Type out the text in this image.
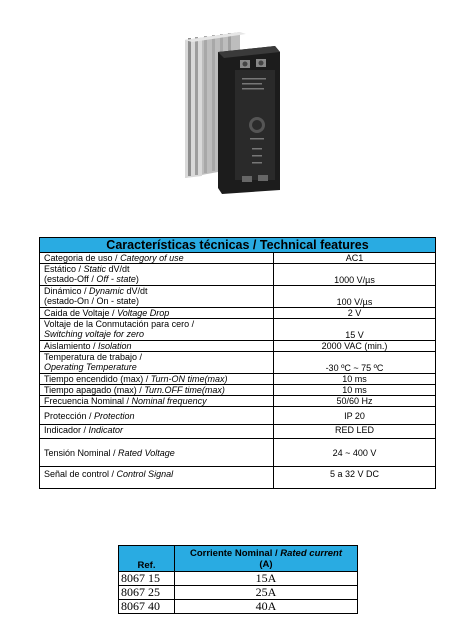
Características técnicas / Technical features	
Categoria de uso / Category of use	AC1
Estático / Static dV/dt
(estado-Off / Off - state)	1000 V/µs
Dinámico / Dynamic dV/dt
(estado-On / On - state)	100 V/µs
Caida de Voltaje / Voltage Drop	2 V
Voltaje de la Conmutación para cero /
Switching voltaje for zero	15 V
Aislamiento / Isolation	2000 VAC (min.)
Temperatura de trabajo /
Operating Temperature	-30 ºC ~ 75 ºC
Tiempo encendido (max) / Turn-ON time(max)	10 ms
Tiempo apagado (max) / Turn.OFF time(max)	10 ms
Frecuencia Nominal / Nominal frequency	50/60 Hz
Protección / Protection	IP 20
Indicador / Indicator	RED LED
Tensión Nominal / Rated Voltage	24 ~ 400 V
Señal de control / Control Signal	5 a 32 V DC
Ref.	Corriente Nominal / Rated current
(A)
8067 15	15A
8067 25	25A
8067 40	40A
